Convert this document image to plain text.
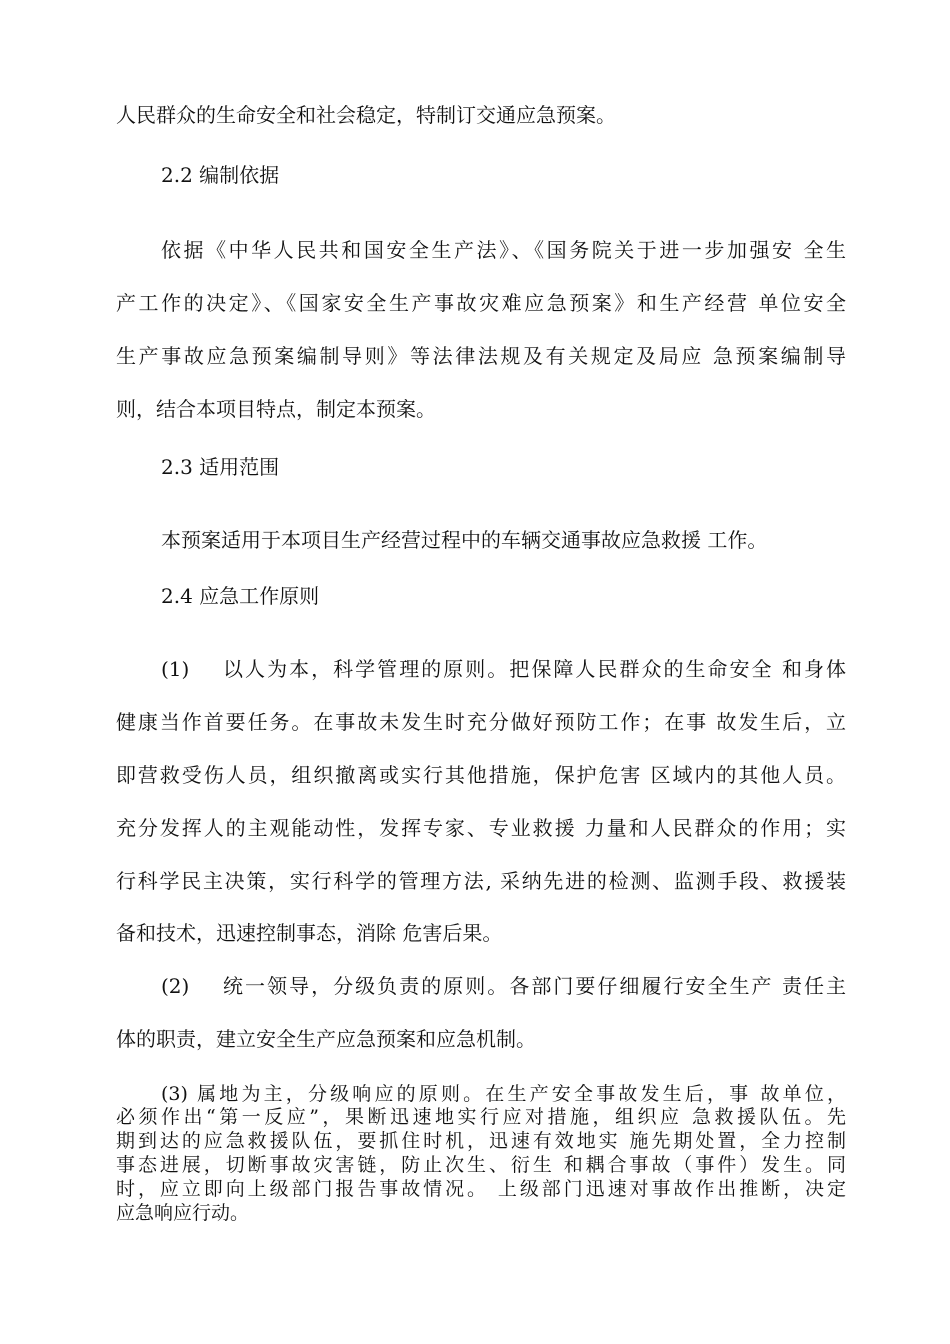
人民群众的生命安全和社会稳定，特制订交通应急预案。
2.2 编制依据
依据《中华人民共和国安全生产法》、《国务院关于进一步加强安 全生
产工作的决定》、《国家安全生产事故灾难应急预案》和生产经营 单位安全
生产事故应急预案编制导则》等法律法规及有关规定及局应 急预案编制导
则，结合本项目特点，制定本预案。
2.3 适用范围
本预案适用于本项目生产经营过程中的车辆交通事故应急救援 工作。
2.4 应急工作原则
(1) 以人为本，科学管理的原则。把保障人民群众的生命安全 和身体
健康当作首要任务。在事故未发生时充分做好预防工作；在事 故发生后，立
即营救受伤人员，组织撤离或实行其他措施，保护危害 区域内的其他人员。
充分发挥人的主观能动性，发挥专家、专业救援 力量和人民群众的作用；实
行科学民主决策，实行科学的管理方法, 采纳先进的检测、监测手段、救援装
备和技术，迅速控制事态，消除 危害后果。
(2) 统一领导，分级负责的原则。各部门要仔细履行安全生产 责任主
体的职责，建立安全生产应急预案和应急机制。
(3) 属地为主，分级响应的原则。在生产安全事故发生后，事 故单位，
必须作出“第一反应”，果断迅速地实行应对措施，组织应 急救援队伍。先
期到达的应急救援队伍，要抓住时机，迅速有效地实 施先期处置，全力控制
事态进展，切断事故灾害链，防止次生、衍生 和耦合事故（事件）发生。同
时，应立即向上级部门报告事故情况。 上级部门迅速对事故作出推断，决定
应急响应行动。
